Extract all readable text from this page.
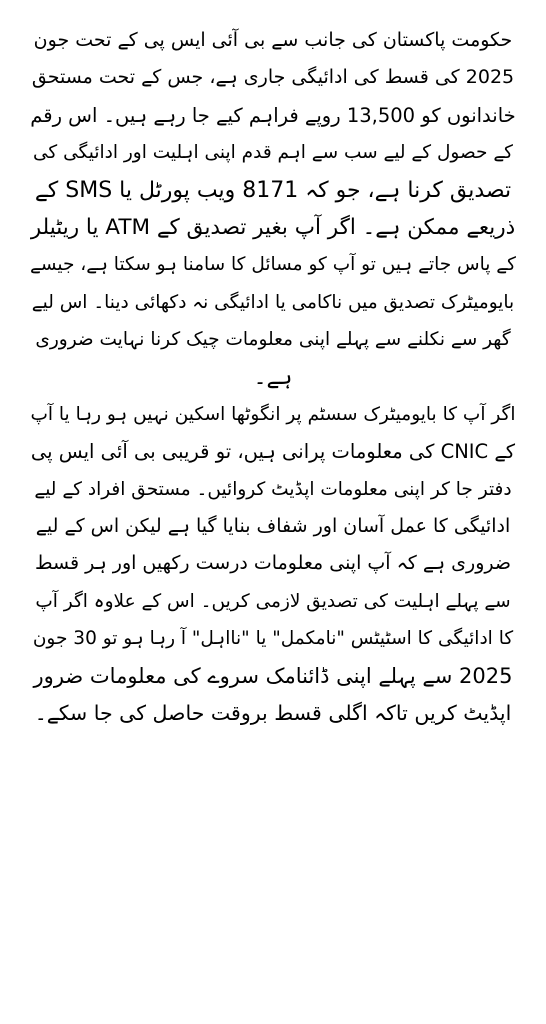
حکومت پاکستان کی جانب سے بی آئی ایس پی کے تحت جون
2025 کی قسط کی ادائیگی جاری ہے، جس کے تحت مستحق
خاندانوں کو 13,500 روپے فراہم کیے جا رہے ہیں۔ اس رقم
کے حصول کے لیے سب سے اہم قدم اپنی اہلیت اور ادائیگی کی
تصدیق کرنا ہے، جو کہ 8171 ویب پورٹل یا SMS کے
ذریعے ممکن ہے۔ اگر آپ بغیر تصدیق کے ATM یا ریٹیلر
کے پاس جاتے ہیں تو آپ کو مسائل کا سامنا ہو سکتا ہے، جیسے
بایومیٹرک تصدیق میں ناکامی یا ادائیگی نہ دکھائی دینا۔ اس لیے
گھر سے نکلنے سے پہلے اپنی معلومات چیک کرنا نہایت ضروری
ہے۔
اگر آپ کا بایومیٹرک سسٹم پر انگوٹھا اسکین نہیں ہو رہا یا آپ
کے CNIC کی معلومات پرانی ہیں، تو قریبی بی آئی ایس پی
دفتر جا کر اپنی معلومات اپڈیٹ کروائیں۔ مستحق افراد کے لیے
ادائیگی کا عمل آسان اور شفاف بنایا گیا ہے لیکن اس کے لیے
ضروری ہے کہ آپ اپنی معلومات درست رکھیں اور ہر قسط
سے پہلے اہلیت کی تصدیق لازمی کریں۔ اس کے علاوہ اگر آپ
کا ادائیگی کا اسٹیٹس "نامکمل" یا "نااہل" آ رہا ہو تو 30 جون
2025 سے پہلے اپنی ڈائنامک سروے کی معلومات ضرور
اپڈیٹ کریں تاکہ اگلی قسط بروقت حاصل کی جا سکے۔
